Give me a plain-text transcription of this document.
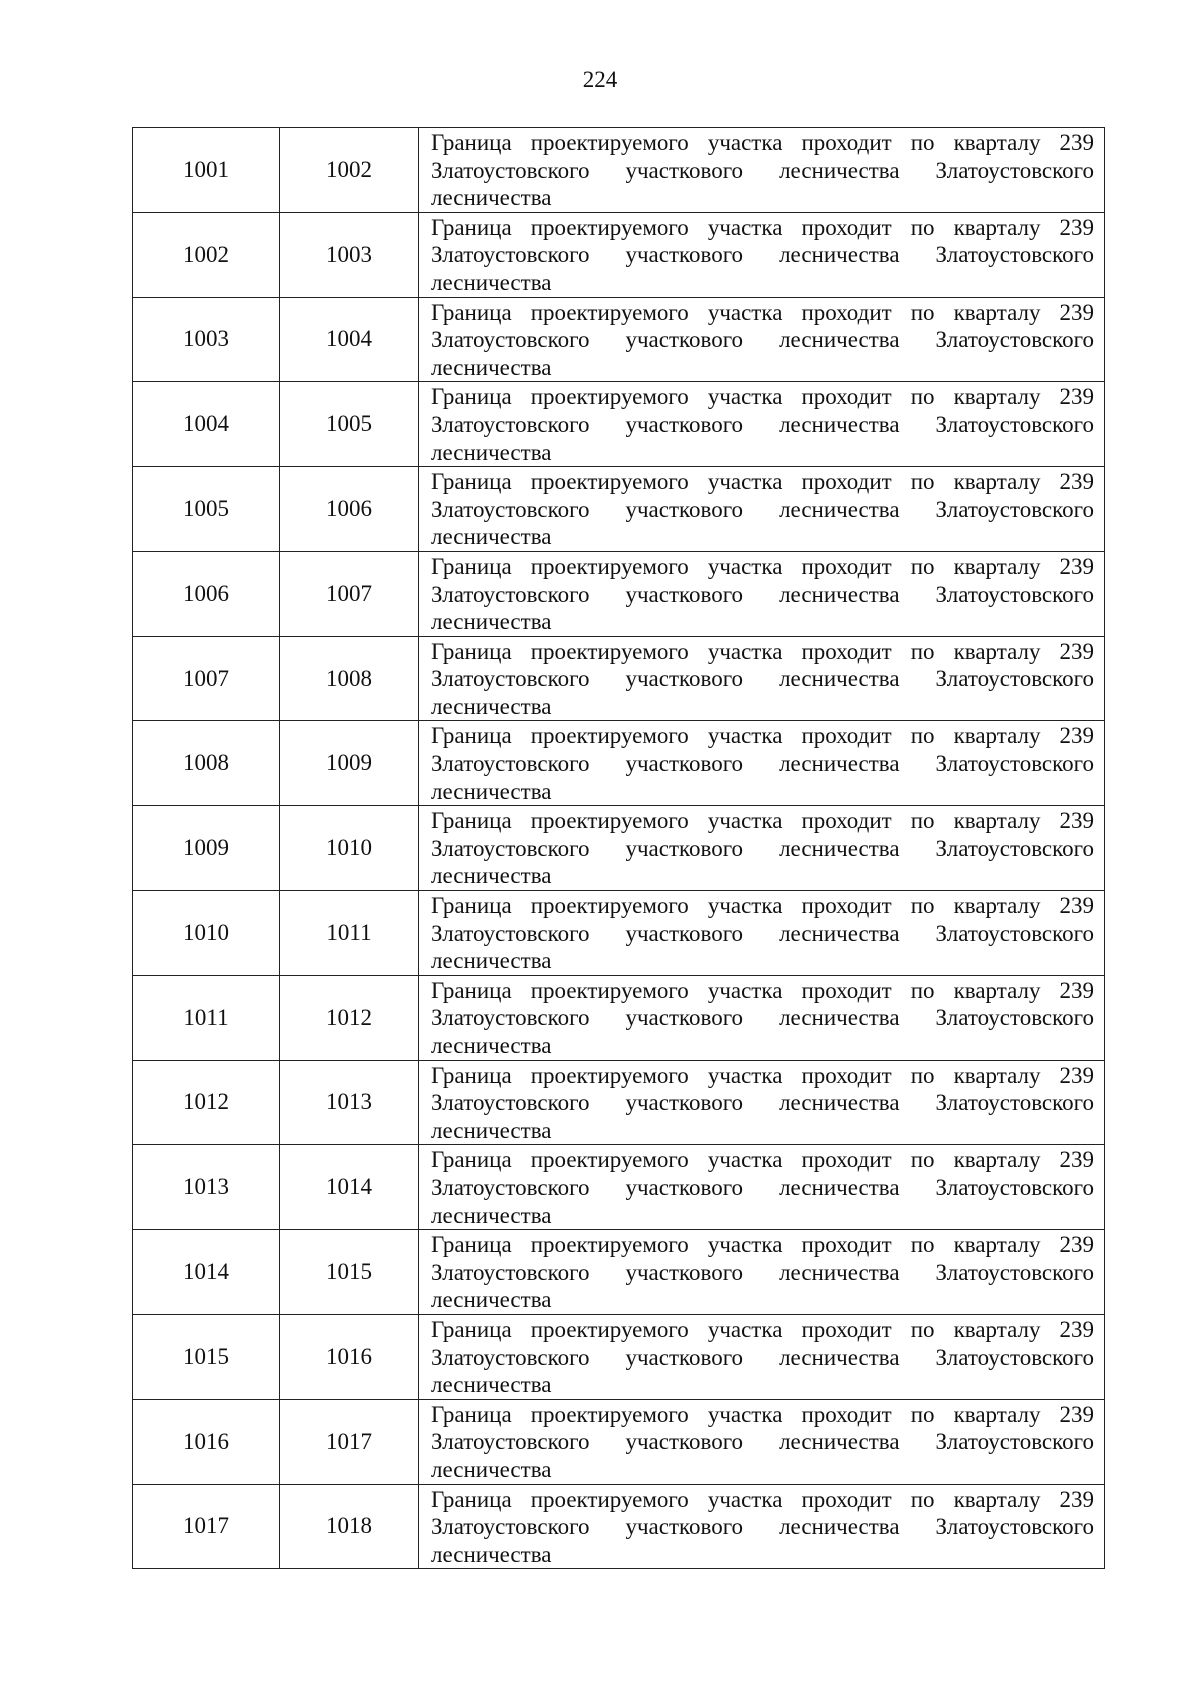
224
1001	1002	Граница проектируемого участка проходит по кварталу 239 Златоустовского участкового лесничества Златоустовского лесничества
1002	1003	Граница проектируемого участка проходит по кварталу 239 Златоустовского участкового лесничества Златоустовского лесничества
1003	1004	Граница проектируемого участка проходит по кварталу 239 Златоустовского участкового лесничества Златоустовского лесничества
1004	1005	Граница проектируемого участка проходит по кварталу 239 Златоустовского участкового лесничества Златоустовского лесничества
1005	1006	Граница проектируемого участка проходит по кварталу 239 Златоустовского участкового лесничества Златоустовского лесничества
1006	1007	Граница проектируемого участка проходит по кварталу 239 Златоустовского участкового лесничества Златоустовского лесничества
1007	1008	Граница проектируемого участка проходит по кварталу 239 Златоустовского участкового лесничества Златоустовского лесничества
1008	1009	Граница проектируемого участка проходит по кварталу 239 Златоустовского участкового лесничества Златоустовского лесничества
1009	1010	Граница проектируемого участка проходит по кварталу 239 Златоустовского участкового лесничества Златоустовского лесничества
1010	1011	Граница проектируемого участка проходит по кварталу 239 Златоустовского участкового лесничества Златоустовского лесничества
1011	1012	Граница проектируемого участка проходит по кварталу 239 Златоустовского участкового лесничества Златоустовского лесничества
1012	1013	Граница проектируемого участка проходит по кварталу 239 Златоустовского участкового лесничества Златоустовского лесничества
1013	1014	Граница проектируемого участка проходит по кварталу 239 Златоустовского участкового лесничества Златоустовского лесничества
1014	1015	Граница проектируемого участка проходит по кварталу 239 Златоустовского участкового лесничества Златоустовского лесничества
1015	1016	Граница проектируемого участка проходит по кварталу 239 Златоустовского участкового лесничества Златоустовского лесничества
1016	1017	Граница проектируемого участка проходит по кварталу 239 Златоустовского участкового лесничества Златоустовского лесничества
1017	1018	Граница проектируемого участка проходит по кварталу 239 Златоустовского участкового лесничества Златоустовского лесничества
